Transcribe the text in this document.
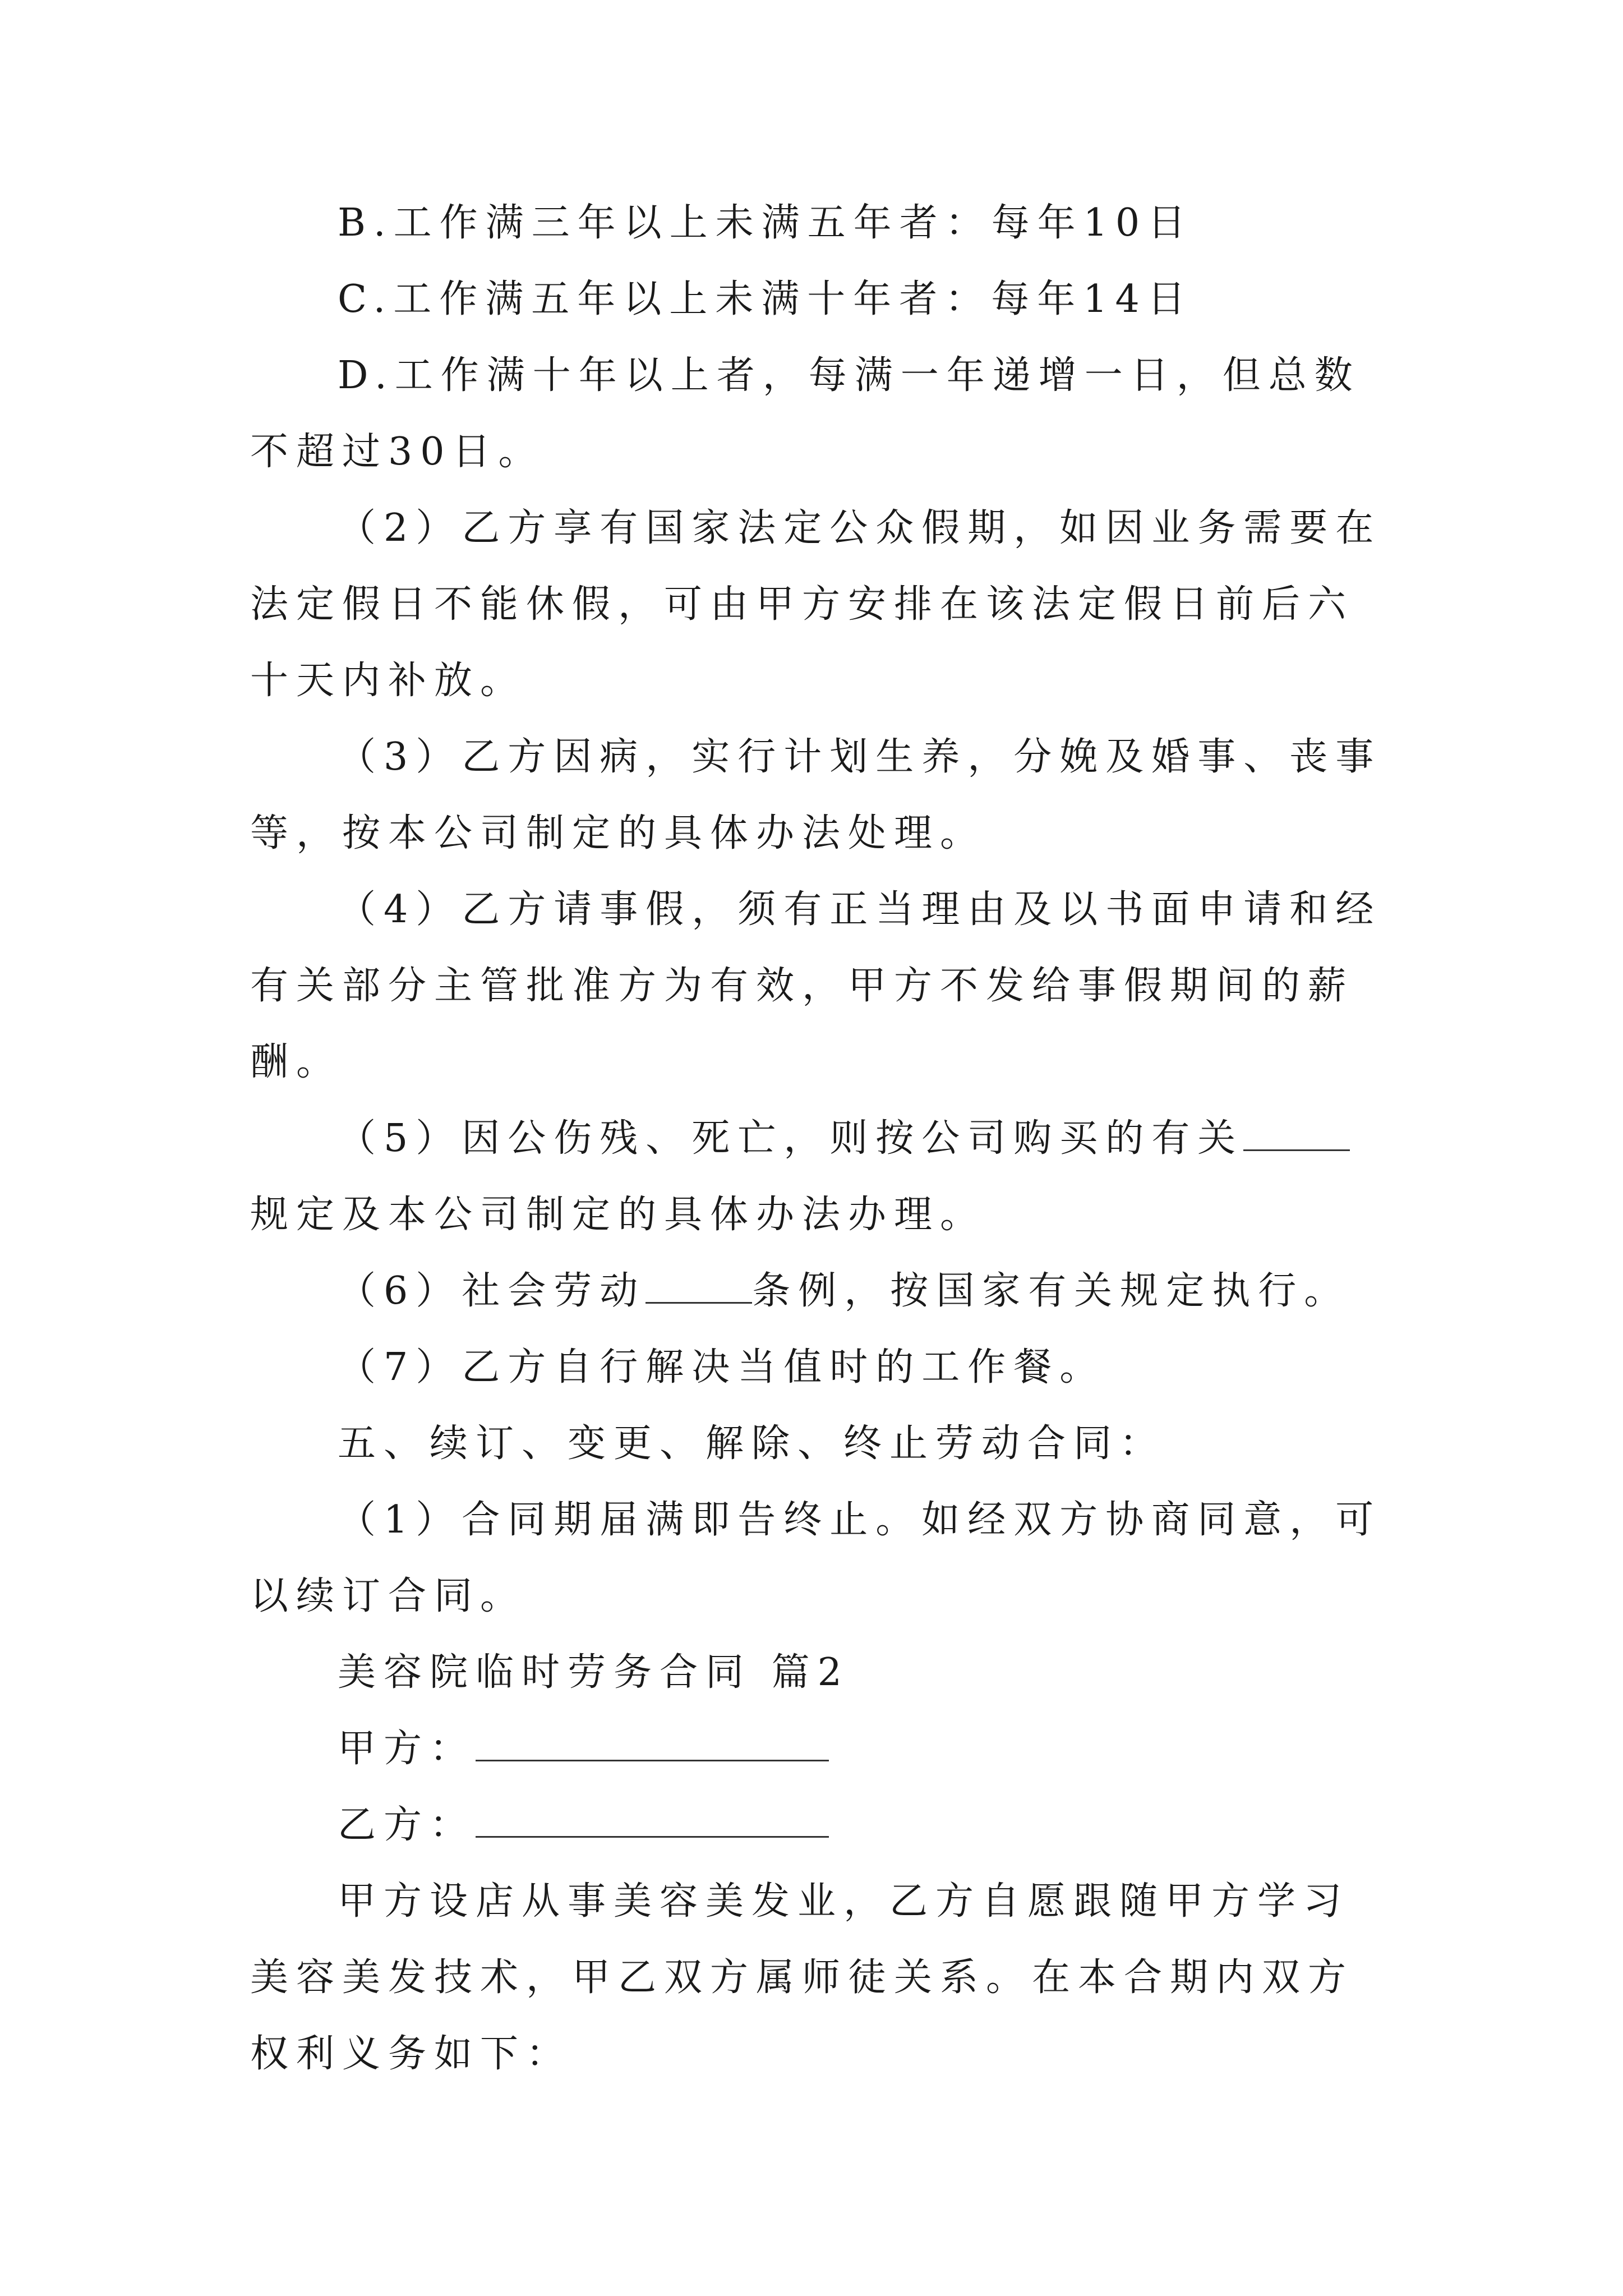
B.工作满三年以上未满五年者：每年10日

C.工作满五年以上未满十年者：每年14日

D.工作满十年以上者，每满一年递增一日，但总数不超过30日。

（2）乙方享有国家法定公众假期，如因业务需要在法定假日不能休假，可由甲方安排在该法定假日前后六十天内补放。

（3）乙方因病，实行计划生养，分娩及婚事、丧事等，按本公司制定的具体办法处理。

（4）乙方请事假，须有正当理由及以书面申请和经有关部分主管批准方为有效，甲方不发给事假期间的薪酬。

（5）因公伤残、死亡，则按公司购买的有关规定及本公司制定的具体办法办理。

（6）社会劳动	条例，按国家有关规定执行。

（7）乙方自行解决当值时的工作餐。

五、续订、变更、解除、终止劳动合同：

（1）合同期届满即告终止。如经双方协商同意，可以续订合同。

美容院临时劳务合同 篇2

甲方：

乙方：

甲方设店从事美容美发业，乙方自愿跟随甲方学习美容美发技术，甲乙双方属师徒关系。在本合期内双方权利义务如下：
